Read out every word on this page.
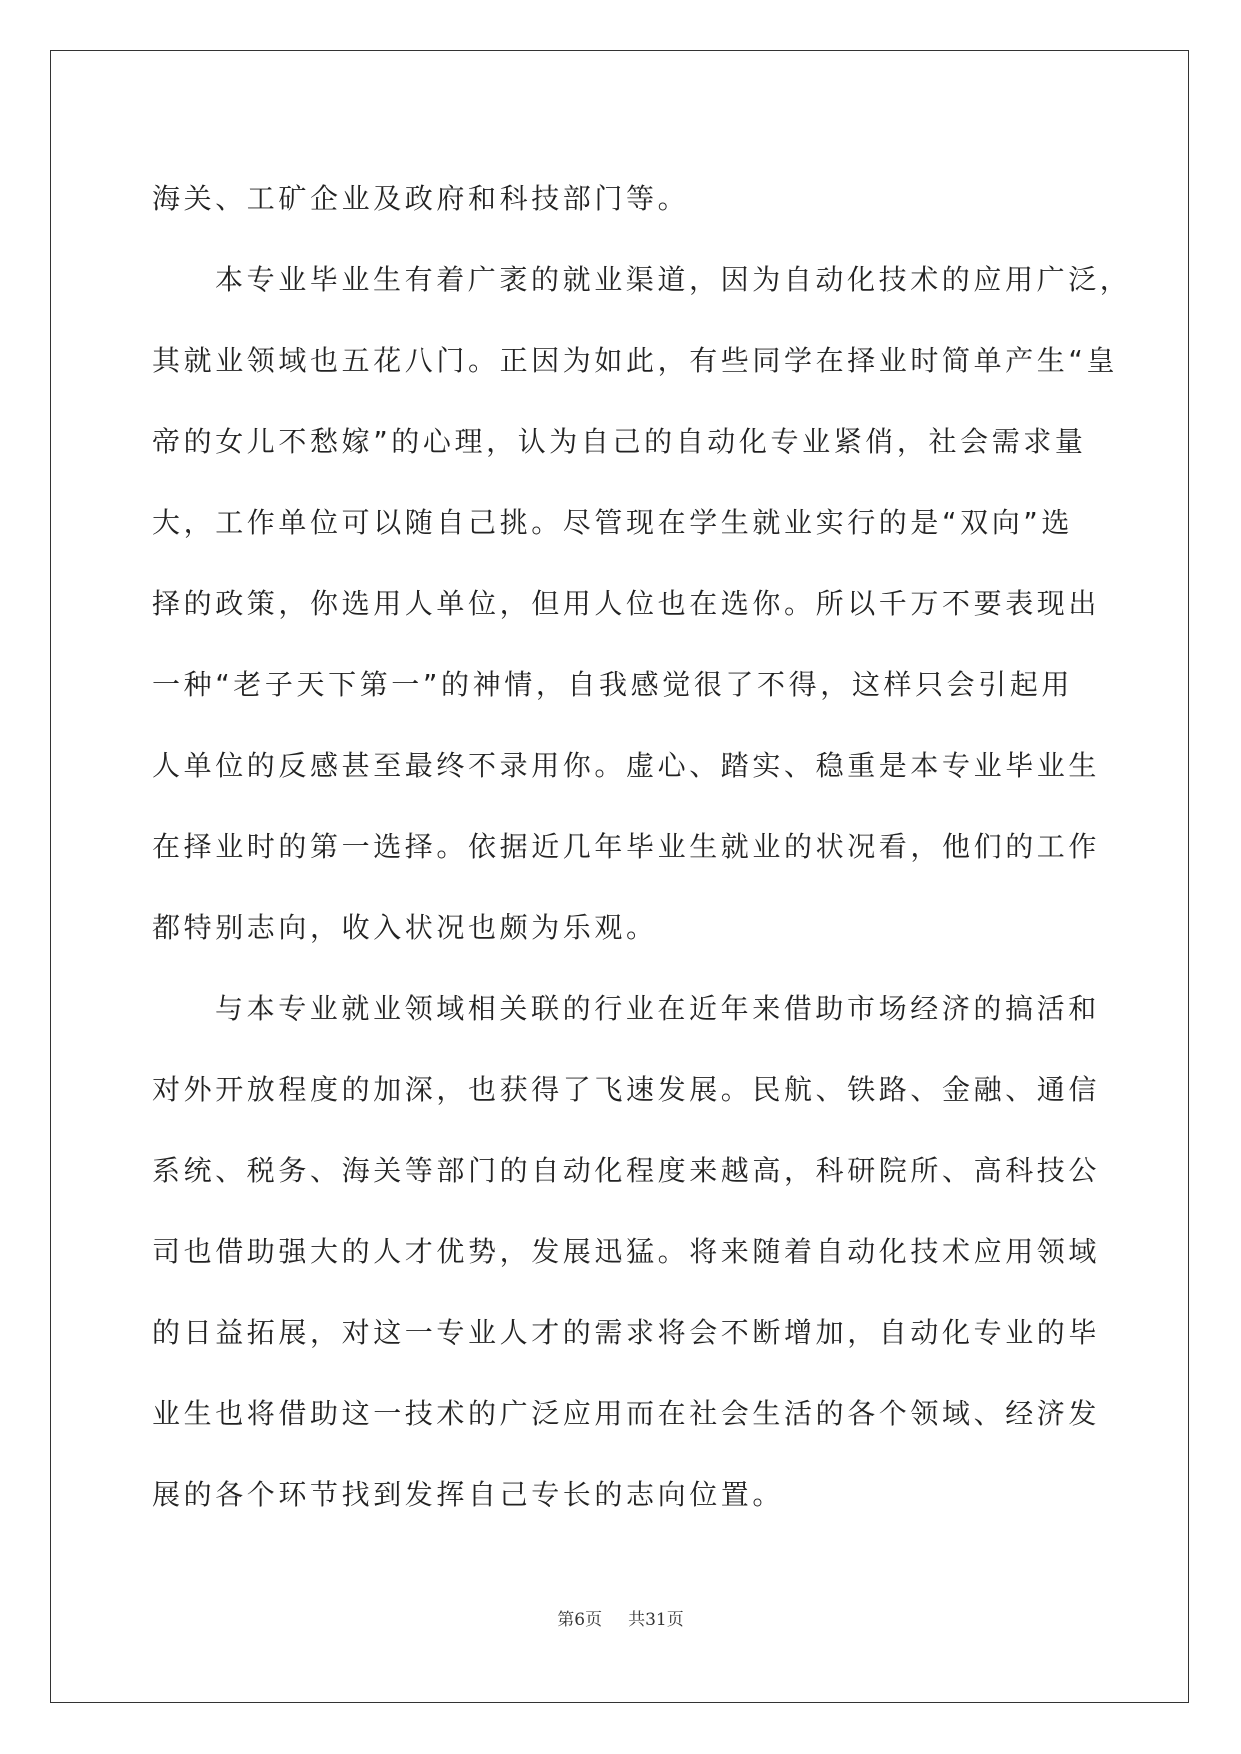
海关、工矿企业及政府和科技部门等。
本专业毕业生有着广袤的就业渠道，因为自动化技术的应用广泛，
其就业领域也五花八门。正因为如此，有些同学在择业时简单产生“皇
帝的女儿不愁嫁”的心理，认为自己的自动化专业紧俏，社会需求量
大，工作单位可以随自己挑。尽管现在学生就业实行的是“双向”选
择的政策，你选用人单位，但用人位也在选你。所以千万不要表现出
一种“老子天下第一”的神情，自我感觉很了不得，这样只会引起用
人单位的反感甚至最终不录用你。虚心、踏实、稳重是本专业毕业生
在择业时的第一选择。依据近几年毕业生就业的状况看，他们的工作
都特别志向，收入状况也颇为乐观。
与本专业就业领域相关联的行业在近年来借助市场经济的搞活和
对外开放程度的加深，也获得了飞速发展。民航、铁路、金融、通信
系统、税务、海关等部门的自动化程度来越高，科研院所、高科技公
司也借助强大的人才优势，发展迅猛。将来随着自动化技术应用领域
的日益拓展，对这一专业人才的需求将会不断增加，自动化专业的毕
业生也将借助这一技术的广泛应用而在社会生活的各个领域、经济发
展的各个环节找到发挥自己专长的志向位置。
第6页 共31页
